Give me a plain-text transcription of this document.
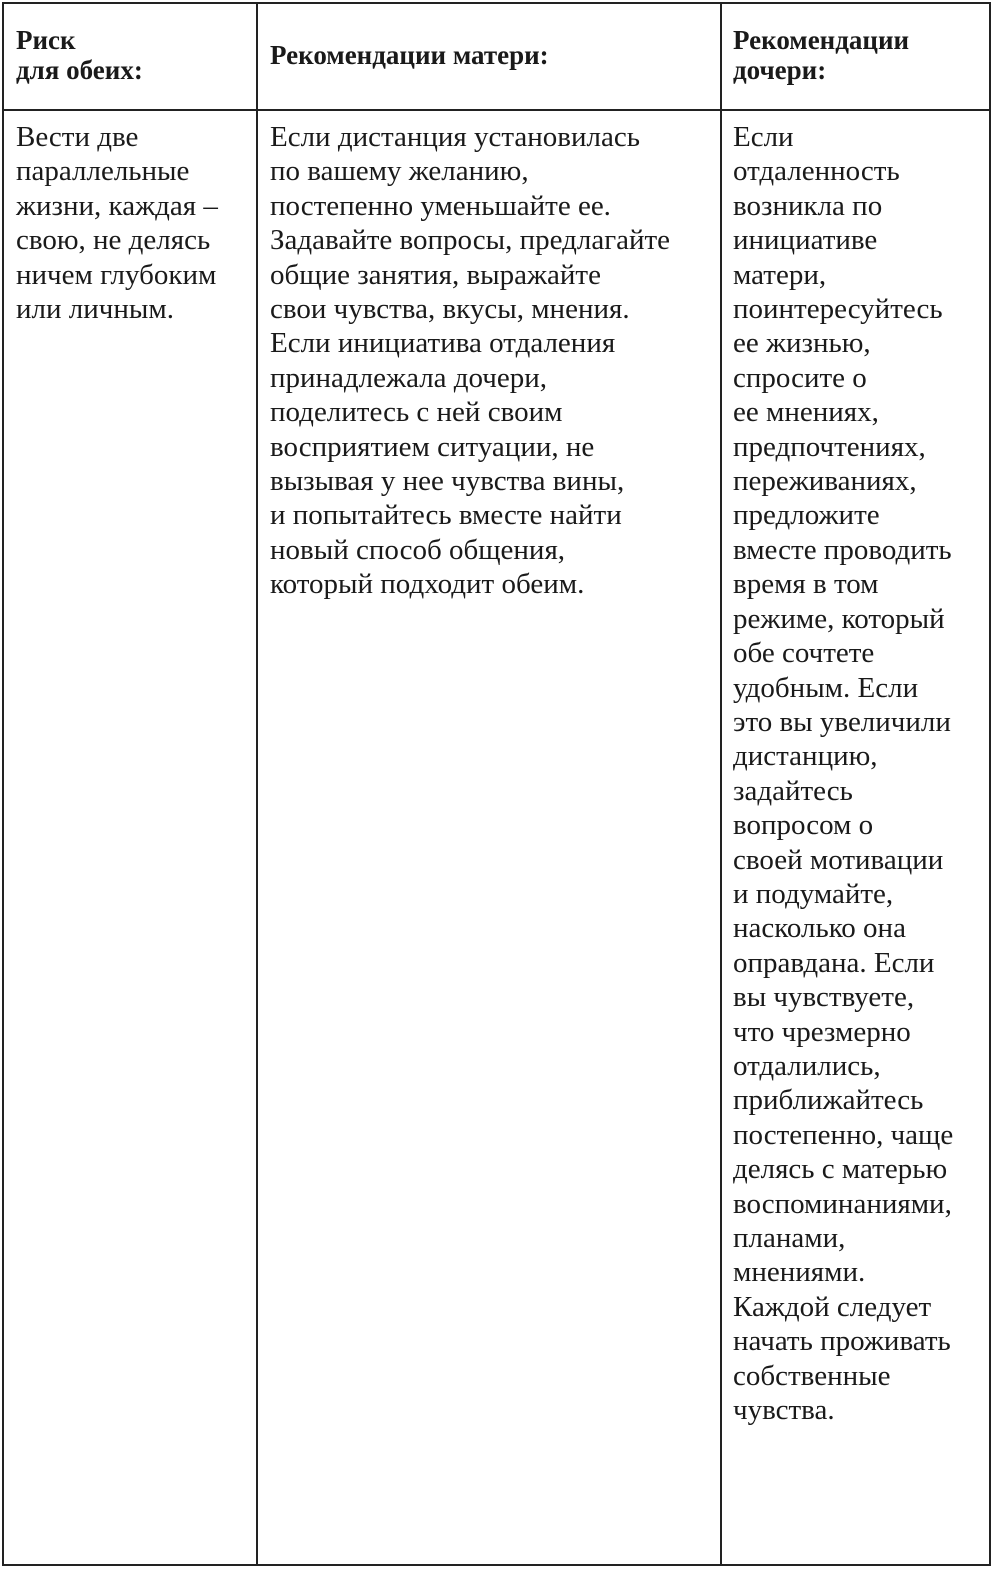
Риск
для обеих:	Рекомендации матери:	Рекомендации
дочери:
Вести две
параллельные
жизни, каждая –
свою, не делясь
ничем глубоким
или личным.
Если дистанция установилась
по вашему желанию,
постепенно уменьшайте ее.
Задавайте вопросы, предлагайте
общие занятия, выражайте
свои чувства, вкусы, мнения.
Если инициатива отдаления
принадлежала дочери,
поделитесь с ней своим
восприятием ситуации, не
вызывая у нее чувства вины,
и попытайтесь вместе найти
новый способ общения,
который подходит обеим.
Если
отдаленность
возникла по
инициативе
матери,
поинтересуйтесь
ее жизнью,
спросите о
ее мнениях,
предпочтениях,
переживаниях,
предложите
вместе проводить
время в том
режиме, который
обе сочтете
удобным. Если
это вы увеличили
дистанцию,
задайтесь
вопросом о
своей мотивации
и подумайте,
насколько она
оправдана. Если
вы чувствуете,
что чрезмерно
отдалились,
приближайтесь
постепенно, чаще
делясь с матерью
воспоминаниями,
планами,
мнениями.
Каждой следует
начать проживать
собственные
чувства.
